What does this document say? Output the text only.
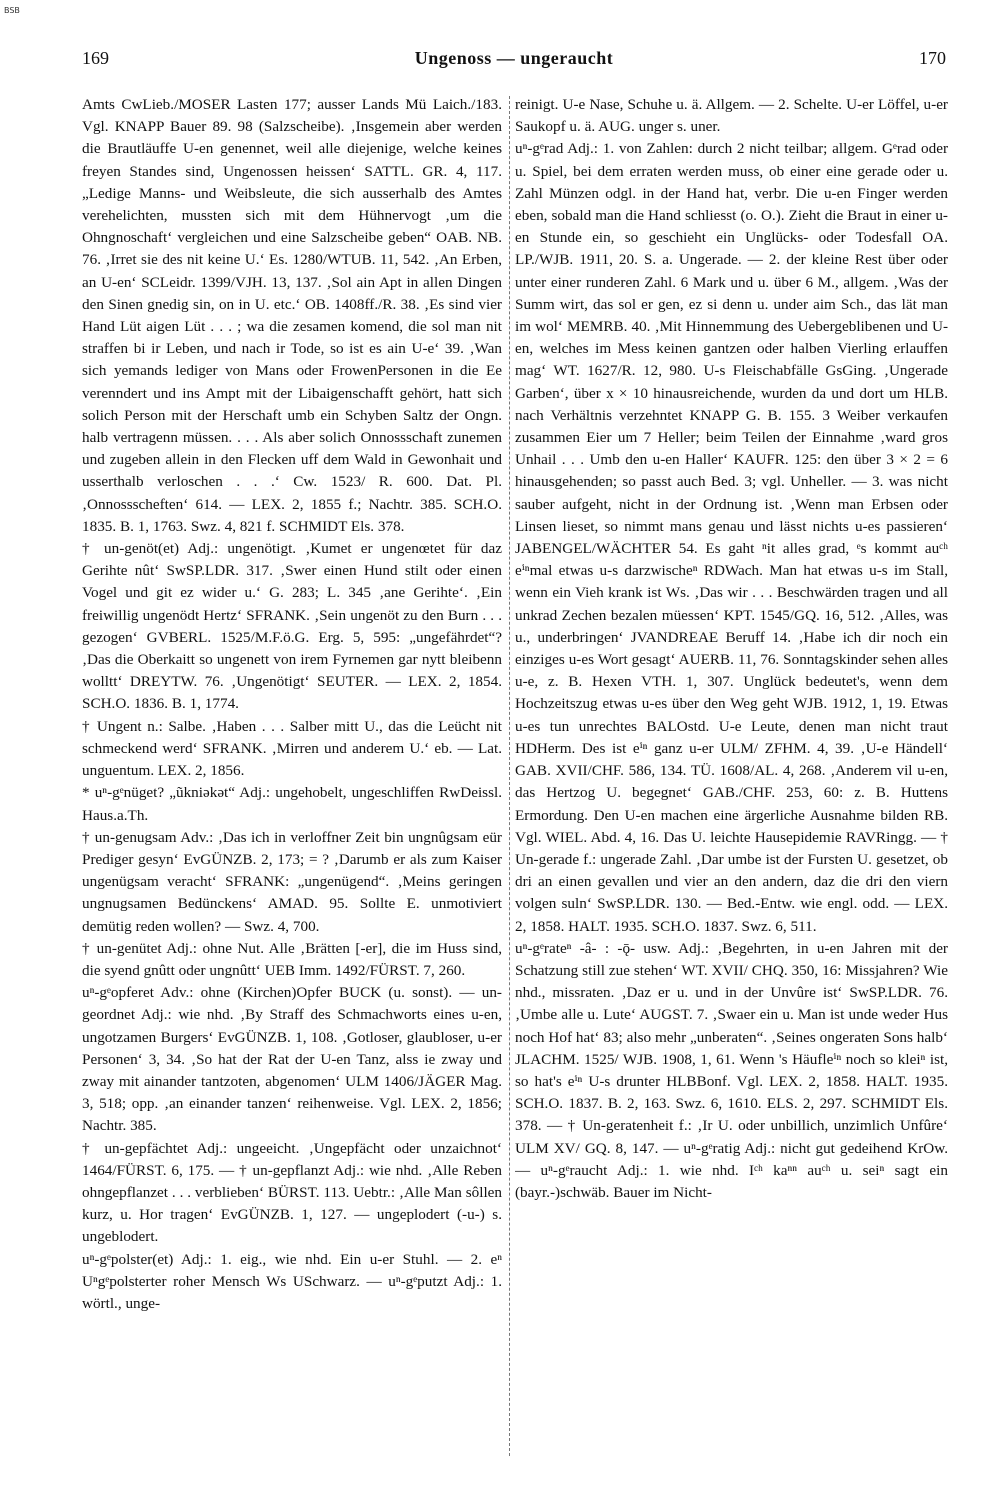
BSB
169	Ungenoss — ungeraucht	170

Amts CwLieb./MOSER Lasten 177; ausser Lands Mü Laich./183. Vgl. KNAPP Bauer 89. 98 (Salzscheibe). ‚Insgemein aber werden die Brautläuffe U-en genennet, weil alle diejenige, welche keines freyen Standes sind, Ungenossen heissen‘ SATTL. GR. 4, 117. „Ledige Manns- und Weibsleute, die sich ausserhalb des Amtes verehelichten, mussten sich mit dem Hühnervogt ‚um die Ohngnoschaft‘ vergleichen und eine Salzscheibe geben“ OAB. NB. 76. ‚Irret sie des nit keine U.‘ Es. 1280/WTUB. 11, 542. ‚An Erben, an U-en‘ SCLeidr. 1399/VJH. 13, 137. ‚Sol ain Apt in allen Dingen den Sinen gnedig sin, on in U. etc.‘ OB. 1408ff./R. 38. ‚Es sind vier Hand Lüt aigen Lüt . . . ; wa die zesamen komend, die sol man nit straffen bi ir Leben, und nach ir Tode, so ist es ain U-e‘ 39. ‚Wan sich yemands lediger von Mans oder FrowenPersonen in die Ee verenndert und ins Ampt mit der Libaigenschafft gehört, hatt sich solich Person mit der Herschaft umb ein Schyben Saltz der Ongn. halb vertragenn müssen. . . . Als aber solich Onnossschaft zunemen und zugeben allein in den Flecken uff dem Wald in Gewonhait und usserthalb verloschen . . .‘ Cw. 1523/ R. 600. Dat. Pl. ‚Onnossscheften‘ 614. — LEX. 2, 1855 f.; Nachtr. 385. SCH.O. 1835. B. 1, 1763. Swz. 4, 821 f. SCHMIDT Els. 378.

† un-genöt(et) Adj.: ungenötigt. ‚Kumet er ungenœtet für daz Gerihte nût‘ SwSP.LDR. 317. ‚Swer einen Hund stilt oder einen Vogel und git ez wider u.‘ G. 283; L. 345 ‚ane Gerihte‘. ‚Ein freiwillig ungenödt Hertz‘ SFRANK. ‚Sein ungenöt zu den Burn . . . gezogen‘ GVBERL. 1525/M.F.ö.G. Erg. 5, 595: „ungefährdet“? ‚Das die Oberkaitt so ungenett von irem Fyrnemen gar nytt bleibenn wolltt‘ DREYTW. 76. ‚Ungenötigt‘ SEUTER. — LEX. 2, 1854. SCH.O. 1836. B. 1, 1774.

† Ungent n.: Salbe. ‚Haben . . . Salber mitt U., das die Leücht nit schmeckend werd‘ SFRANK. ‚Mirren und anderem U.‘ eb. — Lat. unguentum. LEX. 2, 1856.

* uⁿ-gᵉnüget? „ũkniǝkǝt“ Adj.: ungehobelt, ungeschliffen RwDeissl. Haus.a.Th.

† un-genugsam Adv.: ‚Das ich in verloffner Zeit bin ungnûgsam eür Prediger gesyn‘ EvGÜNZB. 2, 173; = ? ‚Darumb er als zum Kaiser ungenügsam veracht‘ SFRANK: „ungenügend“. ‚Meins geringen ungnugsamen Bedünckens‘ AMAD. 95. Sollte E. unmotiviert demütig reden wollen? — Swz. 4, 700.

† un-genütet Adj.: ohne Nut. Alle ‚Brätten [-er], die im Huss sind, die syend gnûtt oder ungnûtt‘ UEB Imm. 1492/FÜRST. 7, 260.

uⁿ-gᵉopferet Adv.: ohne (Kirchen)Opfer BUCK (u. sonst). — un-geordnet Adj.: wie nhd. ‚By Straff des Schmachworts eines u-en, ungotzamen Burgers‘ EvGÜNZB. 1, 108. ‚Gotloser, glaubloser, u-er Personen‘ 3, 34. ‚So hat der Rat der U-en Tanz, alss ie zway und zway mit ainander tantzoten, abgenomen‘ ULM 1406/JÄGER Mag. 3, 518; opp. ‚an einander tanzen‘ reihenweise. Vgl. LEX. 2, 1856; Nachtr. 385.

† un-gepfächtet Adj.: ungeeicht. ‚Ungepfächt oder unzaichnot‘ 1464/FÜRST. 6, 175. — † un-gepflanzt Adj.: wie nhd. ‚Alle Reben ohngepflanzet . . . verblieben‘ BÜRST. 113. Uebtr.: ‚Alle Man sôllen kurz, u. Hor tragen‘ EvGÜNZB. 1, 127. — ungeplodert (-u-) s. ungeblodert.

uⁿ-gᵉpolster(et) Adj.: 1. eig., wie nhd. Ein u-er Stuhl. — 2. eⁿ Uⁿgᵉpolsterter roher Mensch Ws USchwarz. — uⁿ-gᵉputzt Adj.: 1. wörtl., unge-

reinigt. U-e Nase, Schuhe u. ä. Allgem. — 2. Schelte. U-er Löffel, u-er Saukopf u. ä. AUG. unger s. uner.

uⁿ-gᵉrad Adj.: 1. von Zahlen: durch 2 nicht teilbar; allgem. Gᵉrad oder u. Spiel, bei dem erraten werden muss, ob einer eine gerade oder u. Zahl Münzen odgl. in der Hand hat, verbr. Die u-en Finger werden eben, sobald man die Hand schliesst (o. O.). Zieht die Braut in einer u-en Stunde ein, so geschieht ein Unglücks- oder Todesfall OA. LP./WJB. 1911, 20. S. a. Ungerade. — 2. der kleine Rest über oder unter einer runderen Zahl. 6 Mark und u. über 6 M., allgem. ‚Was der Summ wirt, das sol er gen, ez si denn u. under aim Sch., das lät man im wol‘ MEMRB. 40. ‚Mit Hinnemmung des Uebergeblibenen und U-en, welches im Mess keinen gantzen oder halben Vierling erlauffen mag‘ WT. 1627/R. 12, 980. U-s Fleischabfälle GsGing. ‚Ungerade Garben‘, über x × 10 hinausreichende, wurden da und dort um HLB. nach Verhältnis verzehntet KNAPP G. B. 155. 3 Weiber verkaufen zusammen Eier um 7 Heller; beim Teilen der Einnahme ‚ward gros Unhail . . . Umb den u-en Haller‘ KAUFR. 125: den über 3 × 2 = 6 hinausgehenden; so passt auch Bed. 3; vgl. Unheller. — 3. was nicht sauber aufgeht, nicht in der Ordnung ist. ‚Wenn man Erbsen oder Linsen lieset, so nimmt mans genau und lässt nichts u-es passieren‘ JABENGEL/WÄCHTER 54. Es gaht ⁿit alles grad, ᵉs kommt auᶜʰ eⁱⁿmal etwas u-s darzwischeⁿ RDWach. Man hat etwas u-s im Stall, wenn ein Vieh krank ist Ws. ‚Das wir . . . Beschwärden tragen und all unkrad Zechen bezalen müessen‘ KPT. 1545/GQ. 16, 512. ‚Alles, was u., underbringen‘ JVANDREAE Beruff 14. ‚Habe ich dir noch ein einziges u-es Wort gesagt‘ AUERB. 11, 76. Sonntagskinder sehen alles u-e, z. B. Hexen VTH. 1, 307. Unglück bedeutet's, wenn dem Hochzeitszug etwas u-es über den Weg geht WJB. 1912, 1, 19. Etwas u-es tun unrechtes BALOstd. U-e Leute, denen man nicht traut HDHerm. Des ist eⁱⁿ ganz u-er ULM/ ZFHM. 4, 39. ‚U-e Händell‘ GAB. XVII/CHF. 586, 134. TÜ. 1608/AL. 4, 268. ‚Anderem vil u-en, das Hertzog U. begegnet‘ GAB./CHF. 253, 60: z. B. Huttens Ermordung. Den U-en machen eine ärgerliche Ausnahme bilden RB. Vgl. WIEL. Abd. 4, 16. Das U. leichte Hausepidemie RAVRingg. — † Un-gerade f.: ungerade Zahl. ‚Dar umbe ist der Fursten U. gesetzet, ob dri an einen gevallen und vier an den andern, daz die dri den viern volgen suln‘ SwSP.LDR. 130. — Bed.-Entw. wie engl. odd. — LEX. 2, 1858. HALT. 1935. SCH.O. 1837. Swz. 6, 511.

uⁿ-gᵉrateⁿ -â- : -ǭ- usw. Adj.: ‚Begehrten, in u-en Jahren mit der Schatzung still zue stehen‘ WT. XVII/ CHQ. 350, 16: Missjahren? Wie nhd., missraten. ‚Daz er u. und in der Unvûre ist‘ SwSP.LDR. 76. ‚Umbe alle u. Lute‘ AUGST. 7. ‚Swaer ein u. Man ist unde weder Hus noch Hof hat‘ 83; also mehr „unberaten“. ‚Seines ongeraten Sons halb‘ JLACHM. 1525/ WJB. 1908, 1, 61. Wenn 's Häufleⁱⁿ noch so kleiⁿ ist, so hat's eⁱⁿ U-s drunter HLBBonf. Vgl. LEX. 2, 1858. HALT. 1935. SCH.O. 1837. B. 2, 163. Swz. 6, 1610. ELS. 2, 297. SCHMIDT Els. 378. — † Un-geratenheit f.: ‚Ir U. oder unbillich, unzimlich Unfûre‘ ULM XV/ GQ. 8, 147. — uⁿ-gᵉratig Adj.: nicht gut gedeihend KrOw. — uⁿ-gᵉraucht Adj.: 1. wie nhd. Iᶜʰ kaⁿⁿ auᶜʰ u. seiⁿ sagt ein (bayr.-)schwäb. Bauer im Nicht-
